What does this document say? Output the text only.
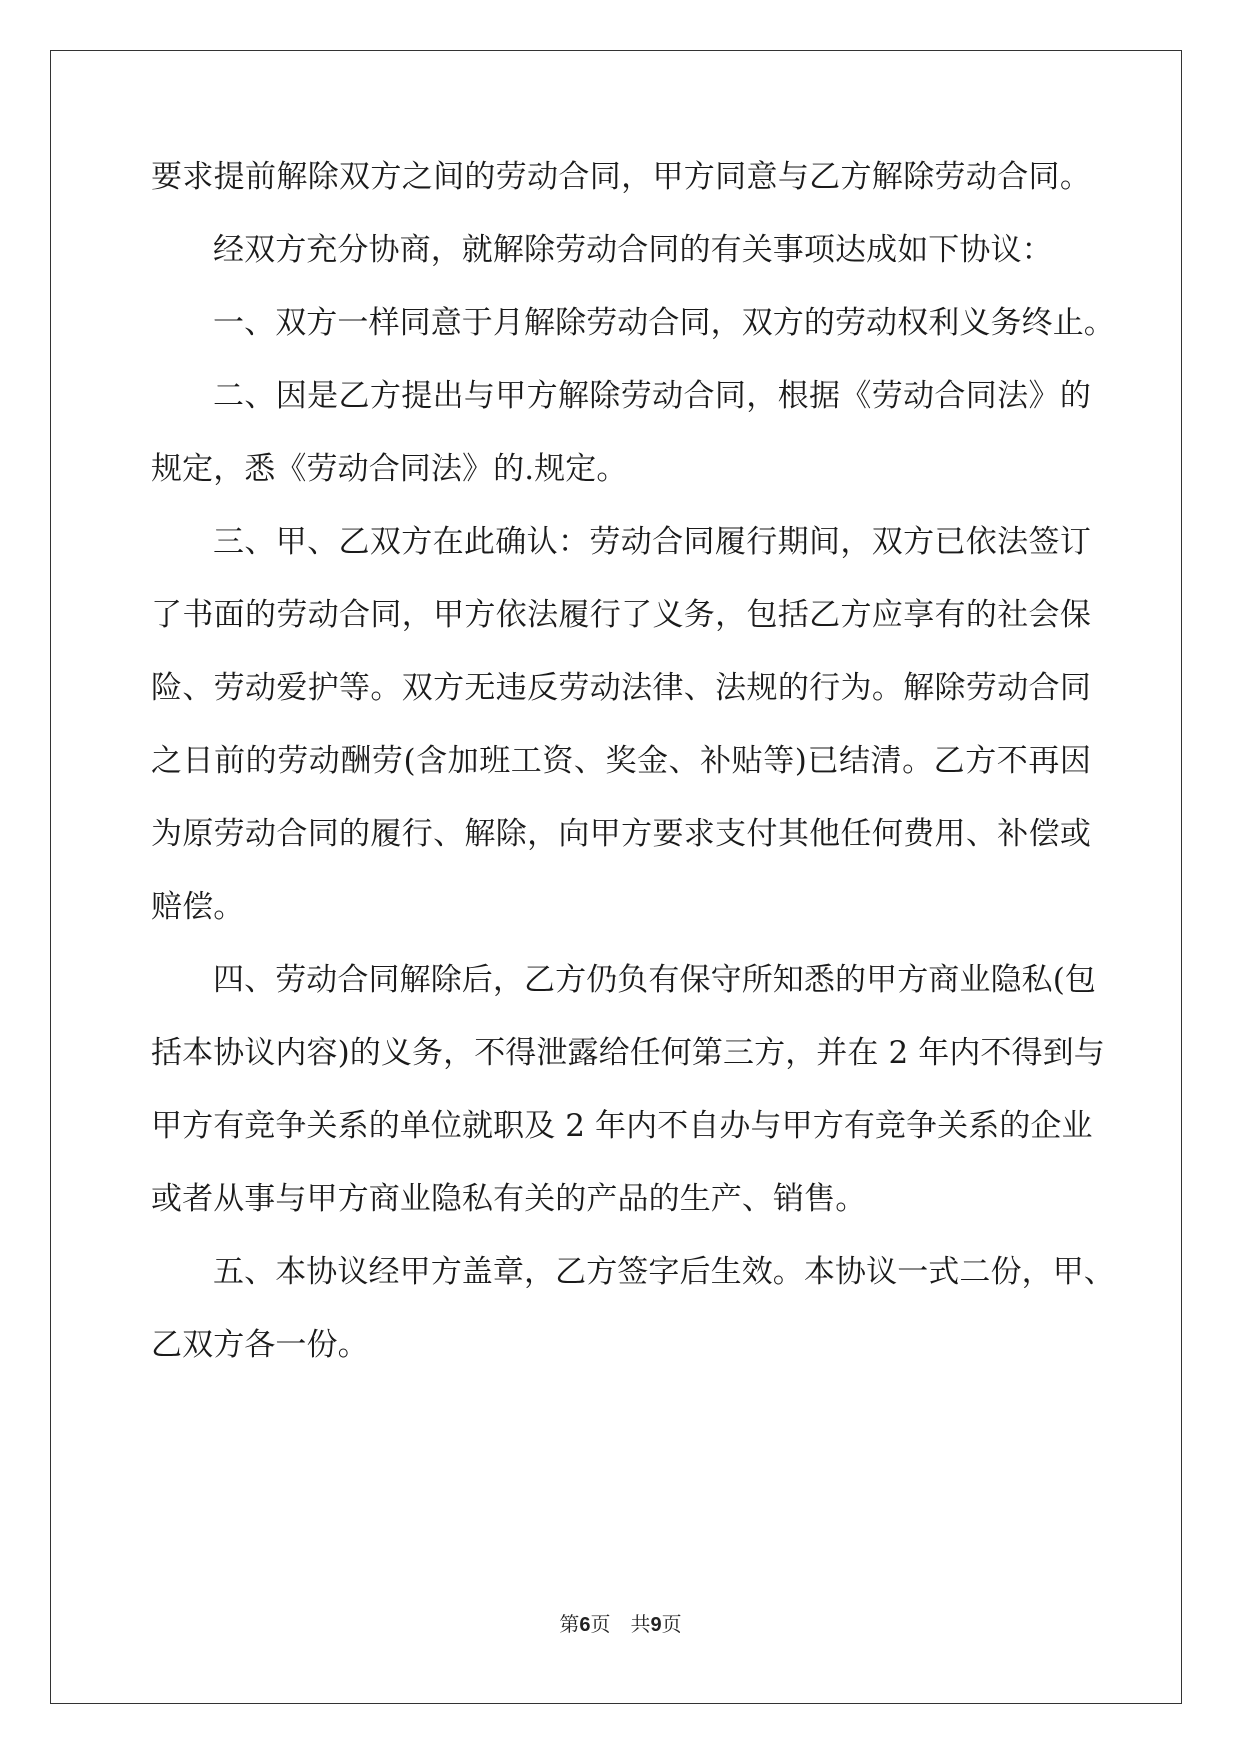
要求提前解除双方之间的劳动合同，甲方同意与乙方解除劳动合同。
经双方充分协商，就解除劳动合同的有关事项达成如下协议：
一、双方一样同意于月解除劳动合同，双方的劳动权利义务终止。
二、因是乙方提出与甲方解除劳动合同，根据《劳动合同法》的
规定，悉《劳动合同法》的.规定。
三、甲、乙双方在此确认：劳动合同履行期间，双方已依法签订
了书面的劳动合同，甲方依法履行了义务，包括乙方应享有的社会保
险、劳动爱护等。双方无违反劳动法律、法规的行为。解除劳动合同
之日前的劳动酬劳(含加班工资、奖金、补贴等)已结清。乙方不再因
为原劳动合同的履行、解除，向甲方要求支付其他任何费用、补偿或
赔偿。
四、劳动合同解除后，乙方仍负有保守所知悉的甲方商业隐私(包
括本协议内容)的义务，不得泄露给任何第三方，并在 2 年内不得到与
甲方有竞争关系的单位就职及 2 年内不自办与甲方有竞争关系的企业
或者从事与甲方商业隐私有关的产品的生产、销售。
五、本协议经甲方盖章，乙方签字后生效。本协议一式二份，甲、
乙双方各一份。
第6页 共9页
